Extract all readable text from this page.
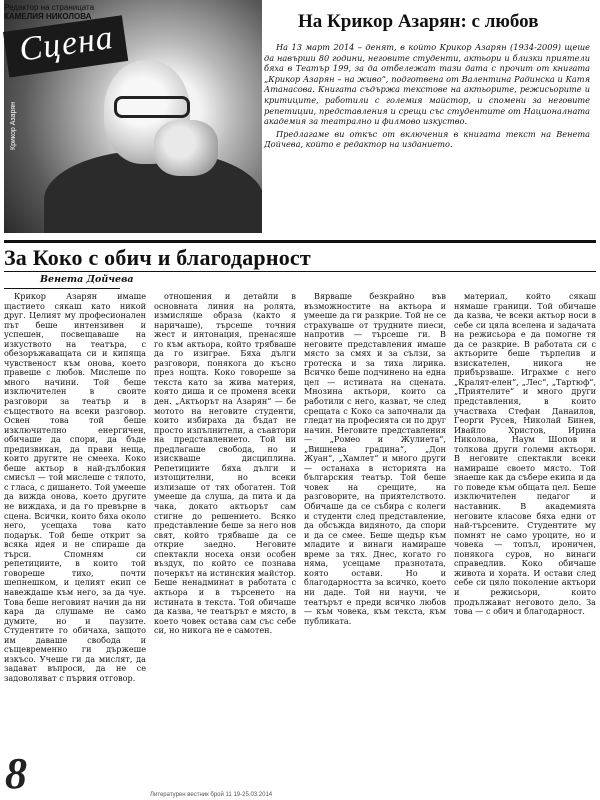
Крикор Азарян
Редактор на страницата
КАМЕЛИЯ НИКОЛОВА
Сцена	На Крикор Азарян: с любов

На 13 март 2014 – денят, в който Крикор Азарян (1934-2009) щеше да навърши 80 години, неговите студенти, актьори и близки приятели бяха в Театър 199, за да отбележат тази дата с прочит от книгата „Крикор Азарян – на живо“, подготвена от Валентина Радинска и Катя Атанасова. Книгата съдържа текстове на актьорите, режисьорите и критиците, работили с големия майстор, и спомени за неговите репетиции, представления и срещи със студентите от Националната академия за театрално и филмово изкуство.

Предлагаме ви откъс от включения в книгата текст на Венета Дойчева, който е редактор на изданието.

За Коко с обич и благодарност
Венета Дойчева

Крикор Азарян имаше щастието сякаш като никой друг. Целият му професионален път беше интензивен и успешен, посвещаваше на изкуството на театъра, с обезоръжаващата си и кипяща чувственост към онова, което правеше с любов. Мислеше по много начини. Той беше изключителен в своите разговори за театър и в съществото на всеки разговор. Освен това той беше изключително енергичен, обичаше да спори, да бъде предизвикан, да прави неща, които другите не смееха. Коко беше актьор в най-дълбокия смисъл — той мислеше с тялото, с гласа, с дишането. Той умееше да вижда онова, което другите не виждаха, и да го превърне в сцена. Всички, които бяха около него, усещаха това като подарък. Той беше открит за всяка идея и не спираше да търси. Спомням си репетициите, в които той говореше тихо, почти шепнешком, и целият екип се навеждаше към него, за да чуе. Това беше неговият начин да ни кара да слушаме не само думите, но и паузите. Студентите го обичаха, защото им даваше свобода и същевременно ги държеше изкъсо. Учеше ги да мислят, да задават въпроси, да не се задоволяват с първия отговор.

отношения и детайли в основната линия на ролята, измисляше образа (както я наричаше), търсеше точния жест и интонация, пренасяше го към актьора, който трябваше да го изиграе. Бяха дълги разговори, понякога до късно през нощта. Коко говореше за текста като за жива материя, която диша и се променя всеки ден. „Актьорът на Азарян“ — бе мотото на неговите студенти, които избираха да бъдат не просто изпълнители, а съавтори на представлението. Той ни предлагаше свобода, но и изискваше дисциплина. Репетициите бяха дълги и изтощителни, но всеки излизаше от тях обогатен. Той умееше да слуша, да пита и да чака, докато актьорът сам стигне до решението. Всяко представление беше за него нов свят, който трябваше да се открие заедно. Неговите спектакли носеха онзи особен въздух, по който се познава почеркът на истинския майстор. Беше ненадминат в работата с актьора и в търсенето на истината в текста. Той обичаше да казва, че театърът е място, в което човек остава сам със себе си, но никога не е самотен.

Вярваше безкрайно във възможностите на актьора и умееше да ги разкрие. Той не се страхуваше от трудните пиеси, напротив — търсеше ги. В неговите представления имаше място за смях и за сълзи, за гротеска и за тиха лирика. Всичко беше подчинено на една цел — истината на сцената. Мнозина актьори, които са работили с него, казват, че след срещата с Коко са започнали да гледат на професията си по друг начин. Неговите представления — „Ромео и Жулиета“, „Вишнева градина“, „Дон Жуан“, „Хамлет“ и много други — останаха в историята на българския театър. Той беше човек на срещите, на разговорите, на приятелството. Обичаше да се събира с колеги и студенти след представление, да обсъжда видяното, да спори и да се смее. Беше щедър към младите и винаги намираше време за тях. Днес, когато го няма, усещаме празнотата, която остави. Но и благодарността за всичко, което ни даде. Той ни научи, че театърът е преди всичко любов — към човека, към текста, към публиката.

материал, който сякаш нямаше граници. Той обичаше да казва, че всеки актьор носи в себе си цяла вселена и задачата на режисьора е да помогне тя да се разкрие. В работата си с актьорите беше търпелив и взискателен, никога не прибързваше. Играхме с него „Кралят-елен“, „Лес“, „Тартюф“, „Приятелите“ и много други представления, в които участваха Стефан Данаилов, Георги Русев, Николай Бинев, Ивайло Христов, Ирина Николова, Наум Шопов и толкова други големи актьори. В неговите спектакли всеки намираше своето място. Той знаеше как да събере екипа и да го поведе към общата цел. Беше изключителен педагог и наставник. В академията неговите класове бяха едни от най-търсените. Студентите му помнят не само уроците, но и човека — топъл, ироничен, понякога суров, но винаги справедлив. Коко обичаше живота и хората. И остави след себе си цяло поколение актьори и режисьори, които продължават неговото дело. За това — с обич и благодарност.

8	Литературен вестник брой 11 19-25.03.2014
